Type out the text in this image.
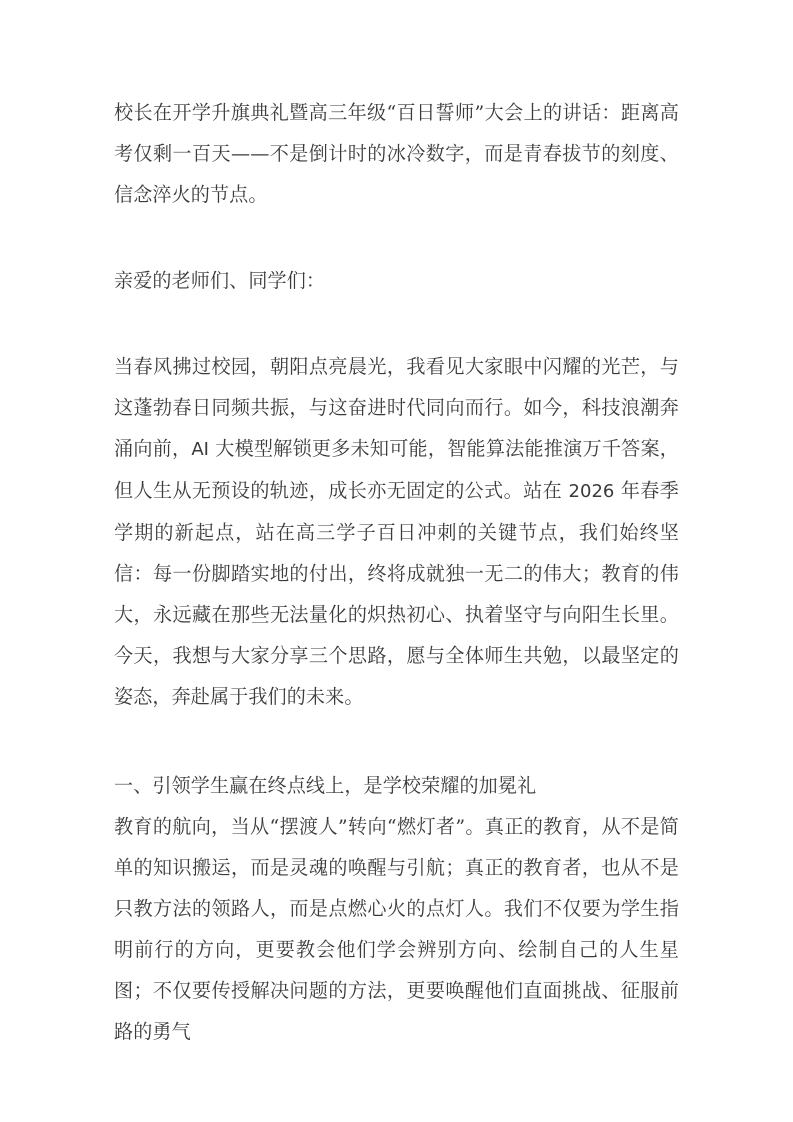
校长在开学升旗典礼暨高三年级“百日誓师”大会上的讲话：距离高考仅剩一百天——不是倒计时的冰冷数字，而是青春拔节的刻度、信念淬火的节点。

亲爱的老师们、同学们：

当春风拂过校园，朝阳点亮晨光，我看见大家眼中闪耀的光芒，与这蓬勃春日同频共振，与这奋进时代同向而行。如今，科技浪潮奔涌向前，AI 大模型解锁更多未知可能，智能算法能推演万千答案，但人生从无预设的轨迹，成长亦无固定的公式。站在 2026 年春季学期的新起点，站在高三学子百日冲刺的关键节点，我们始终坚信：每一份脚踏实地的付出，终将成就独一无二的伟大；教育的伟大，永远藏在那些无法量化的炽热初心、执着坚守与向阳生长里。今天，我想与大家分享三个思路，愿与全体师生共勉，以最坚定的姿态，奔赴属于我们的未来。

一、引领学生赢在终点线上，是学校荣耀的加冕礼

教育的航向，当从“摆渡人”转向“燃灯者”。真正的教育，从不是简单的知识搬运，而是灵魂的唤醒与引航；真正的教育者，也从不是只教方法的领路人，而是点燃心火的点灯人。我们不仅要为学生指明前行的方向，更要教会他们学会辨别方向、绘制自己的人生星图；不仅要传授解决问题的方法，更要唤醒他们直面挑战、征服前路的勇气
